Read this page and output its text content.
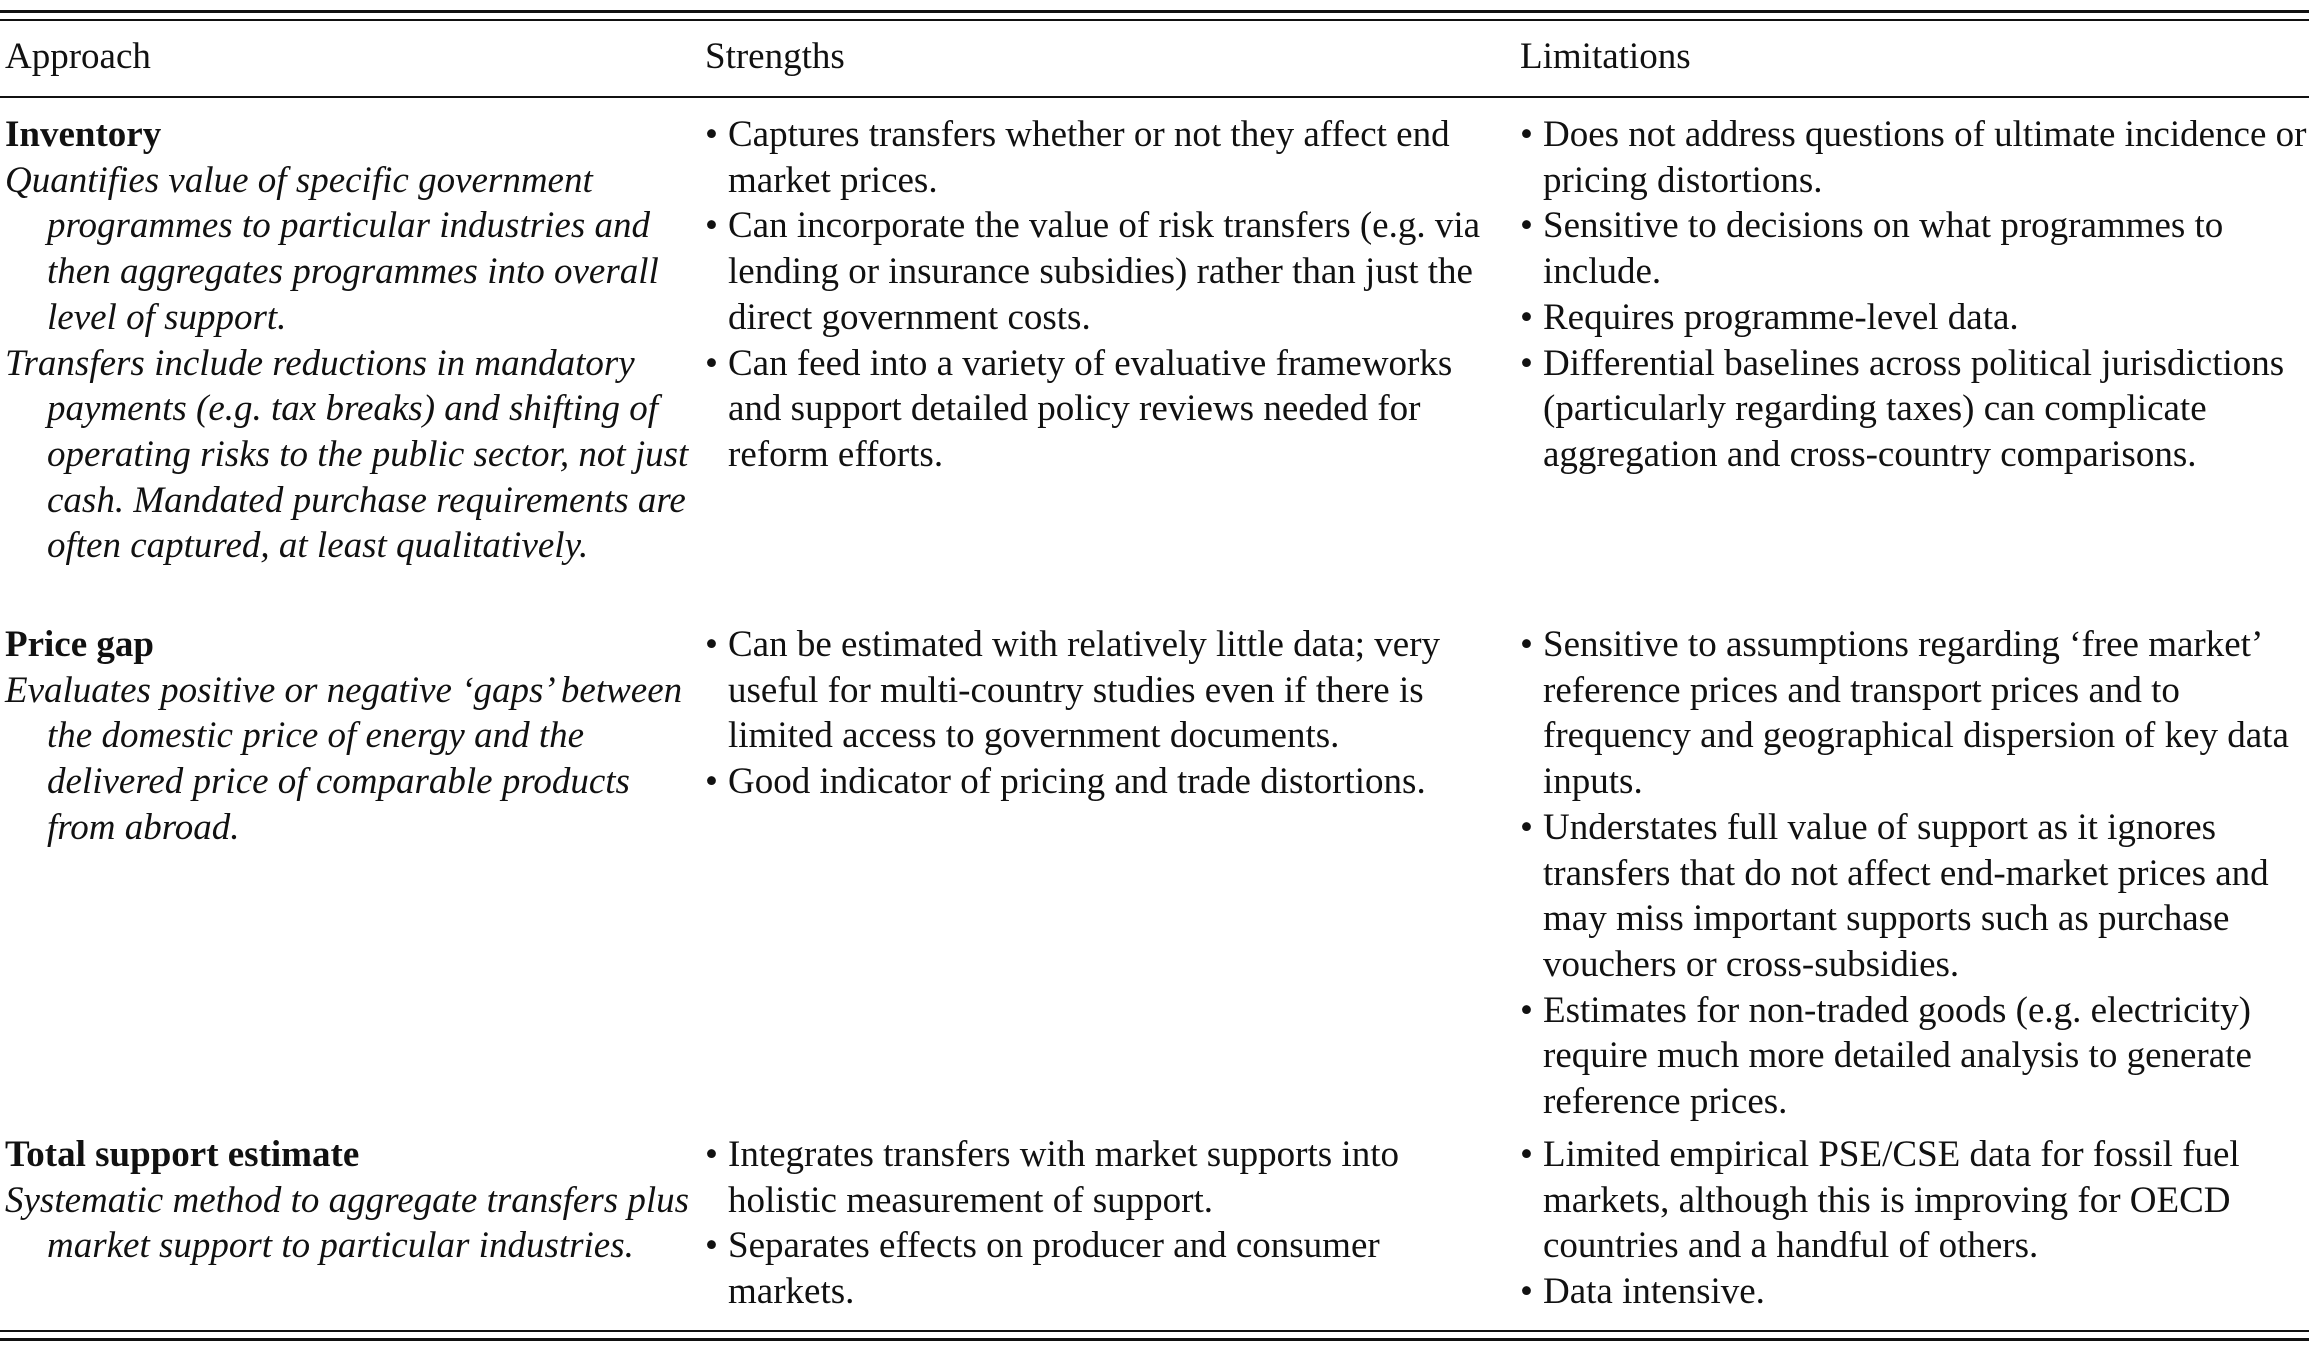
Approach	Strengths	Limitations
Inventory

Quantifies value of specific government programmes to particular industries and then aggregates programmes into overall level of support.

Transfers include reductions in mandatory payments (e.g. tax breaks) and shifting of operating risks to the public sector, not just cash. Mandated purchase requirements are often captured, at least qualitatively.

• Captures transfers whether or not they affect end market prices.
• Can incorporate the value of risk transfers (e.g. via lending or insurance subsidies) rather than just the direct government costs.
• Can feed into a variety of evaluative frameworks and support detailed policy reviews needed for reform efforts.
• Does not address questions of ultimate incidence or pricing distortions.
• Sensitive to decisions on what programmes to include.
• Requires programme-level data.
• Differential baselines across political jurisdictions (particularly regarding taxes) can complicate aggregation and cross-country comparisons.
Price gap

Evaluates positive or negative ‘gaps’ between the domestic price of energy and the delivered price of comparable products from abroad.

• Can be estimated with relatively little data; very useful for multi-country studies even if there is limited access to government documents.
• Good indicator of pricing and trade distortions.
• Sensitive to assumptions regarding ‘free market’ reference prices and transport prices and to frequency and geographical dispersion of key data inputs.
• Understates full value of support as it ignores transfers that do not affect end-market prices and may miss important supports such as purchase vouchers or cross-subsidies.
• Estimates for non-traded goods (e.g. electricity) require much more detailed analysis to generate reference prices.
Total support estimate

Systematic method to aggregate transfers plus market support to particular industries.

• Integrates transfers with market supports into holistic measurement of support.
• Separates effects on producer and consumer markets.
• Limited empirical PSE/CSE data for fossil fuel markets, although this is improving for OECD countries and a handful of others.
• Data intensive.
